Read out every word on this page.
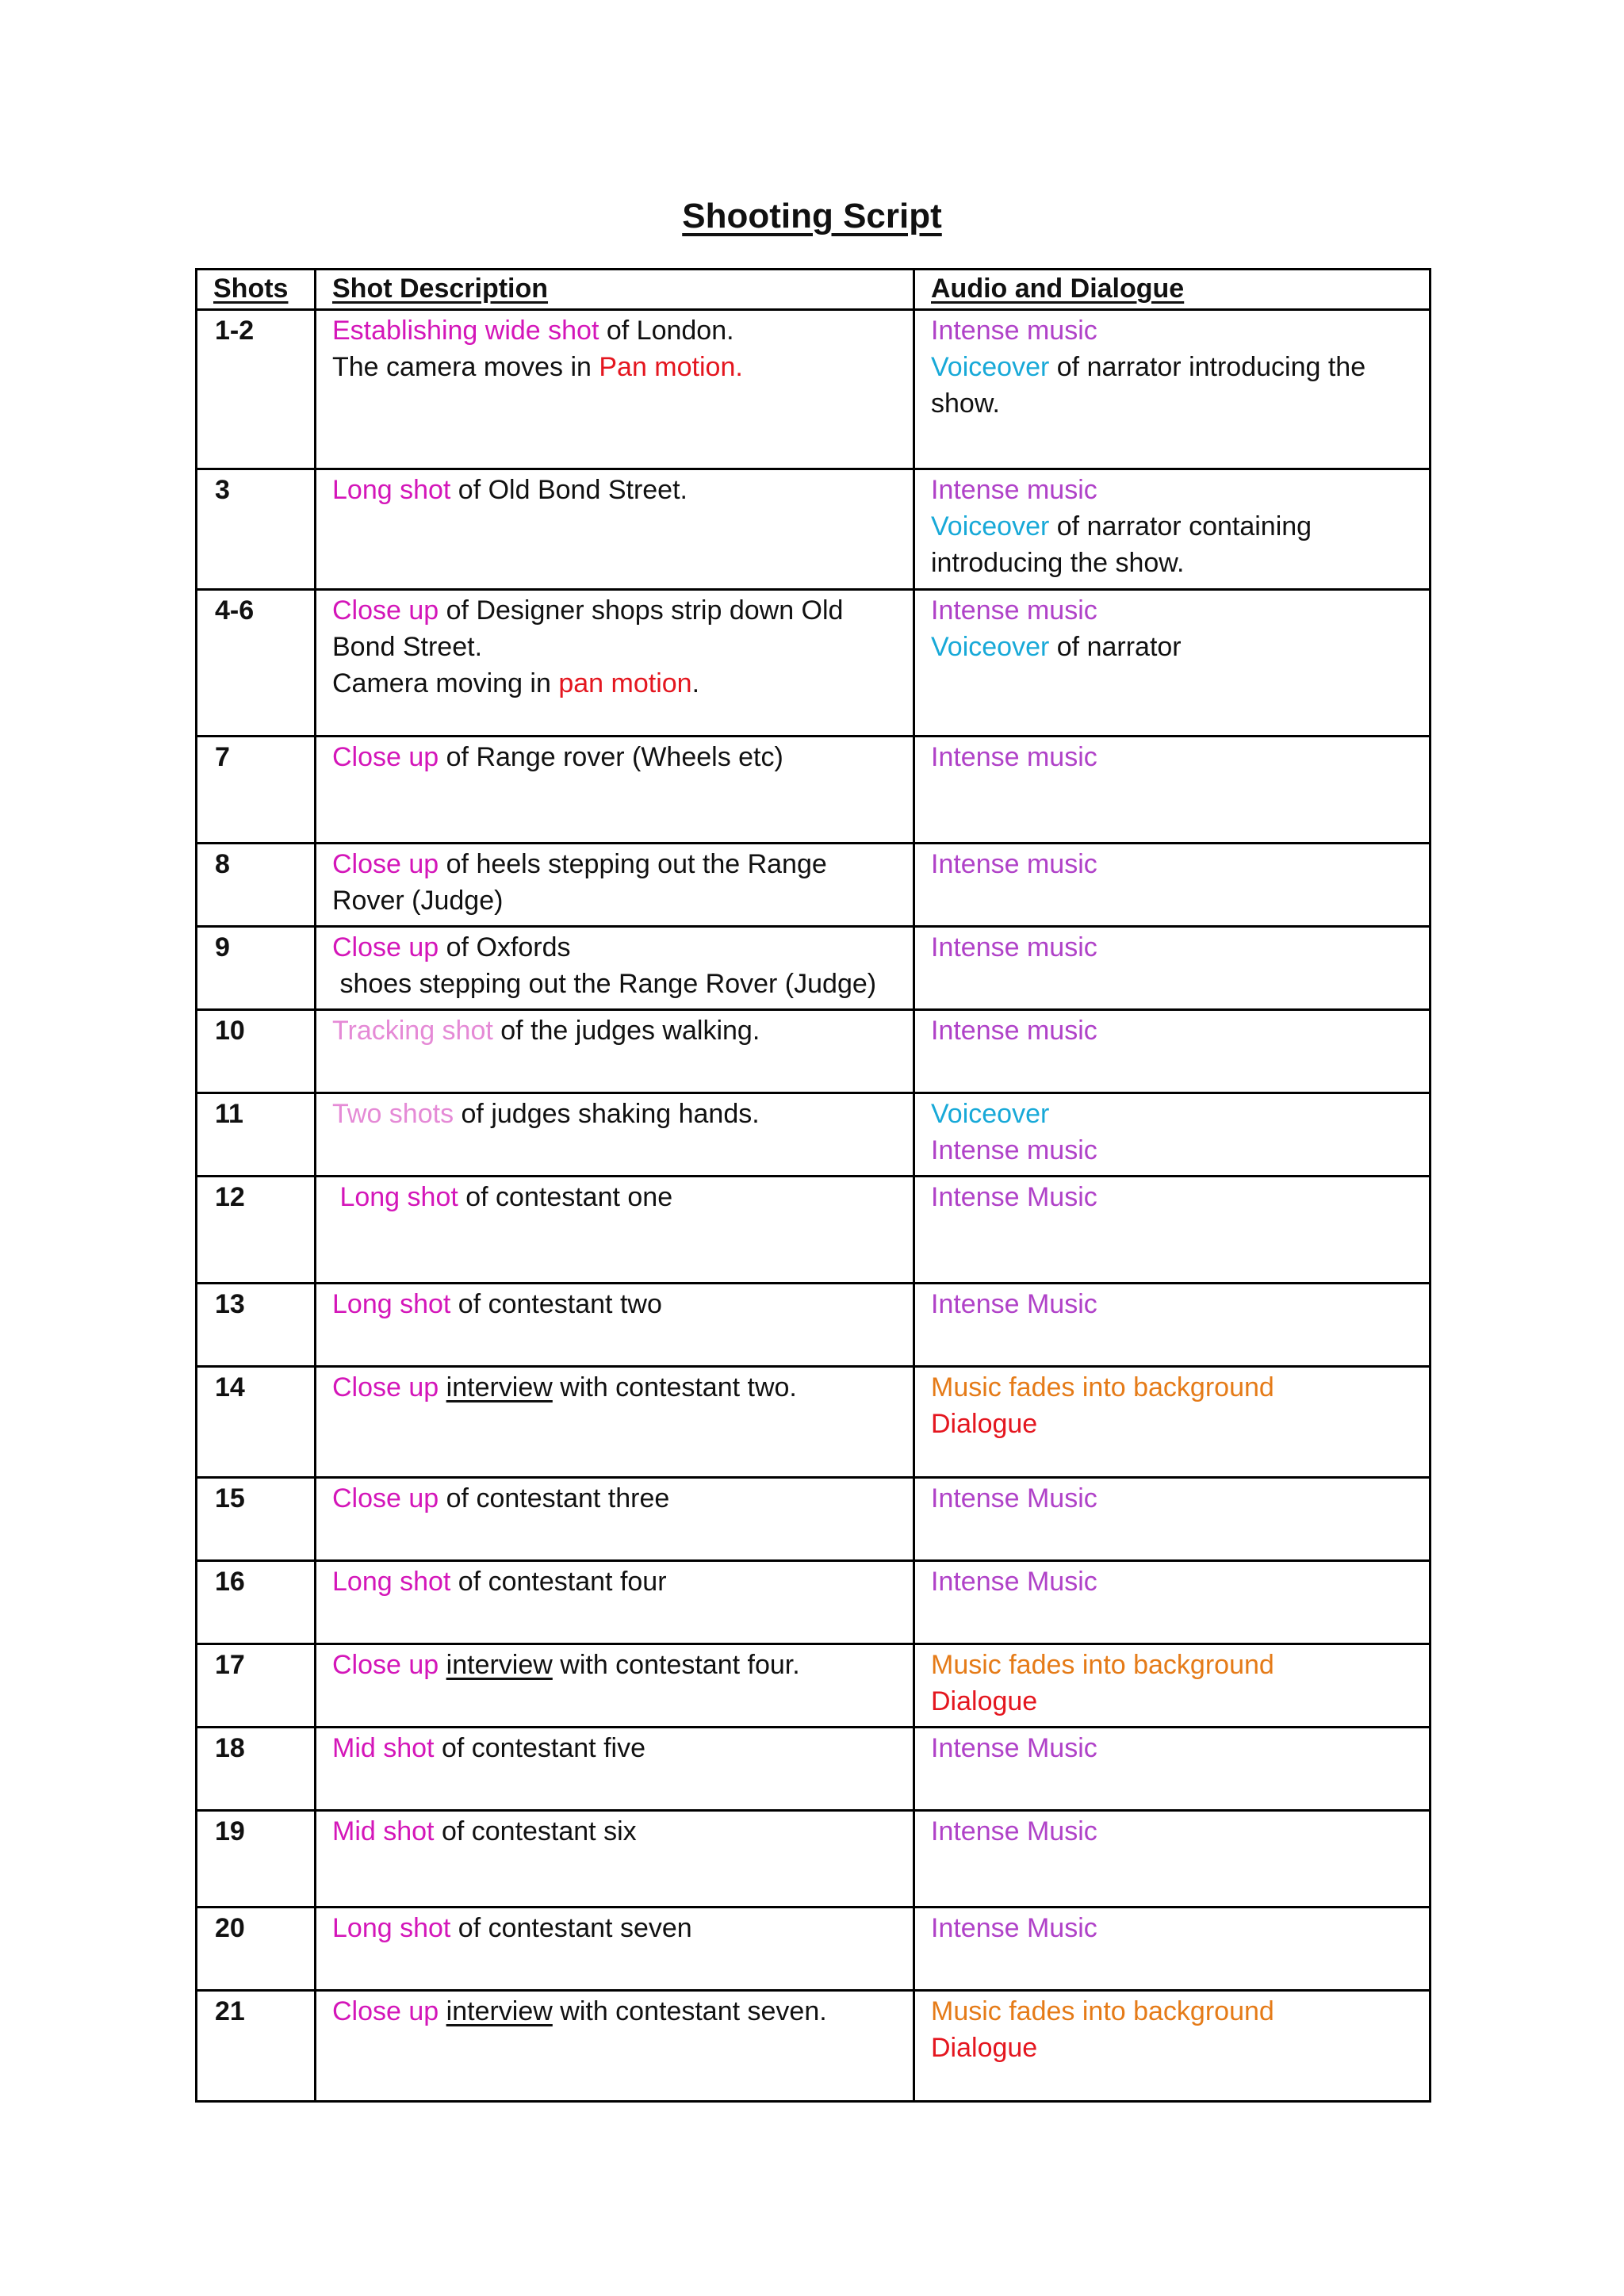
Shooting Script
Shots	Shot Description	Audio and Dialogue
1-2	Establishing wide shot of London.
The camera moves in Pan motion.	Intense music
Voiceover of narrator introducing the
show.

3	Long shot of Old Bond Street.	Intense music
Voiceover of narrator containing
introducing the show.

4-6	Close up of Designer shops strip down Old
Bond Street.
Camera moving in pan motion.	Intense music
Voiceover of narrator

7	Close up of Range rover (Wheels etc)	Intense music

8	Close up of heels stepping out the Range
Rover (Judge)	Intense music

9	Close up of Oxfords
shoes stepping out the Range Rover (Judge)	Intense music

10	Tracking shot of the judges walking.	Intense music

11	Two shots of judges shaking hands.	Voiceover
Intense music

12	Long shot of contestant one	Intense Music

13	Long shot of contestant two	Intense Music

14	Close up interview with contestant two.	Music fades into background
Dialogue

15	Close up of contestant three	Intense Music

16	Long shot of contestant four	Intense Music

17	Close up interview with contestant four.	Music fades into background
Dialogue

18	Mid shot of contestant five	Intense Music

19	Mid shot of contestant six	Intense Music

20	Long shot of contestant seven	Intense Music

21	Close up interview with contestant seven.	Music fades into background
Dialogue
